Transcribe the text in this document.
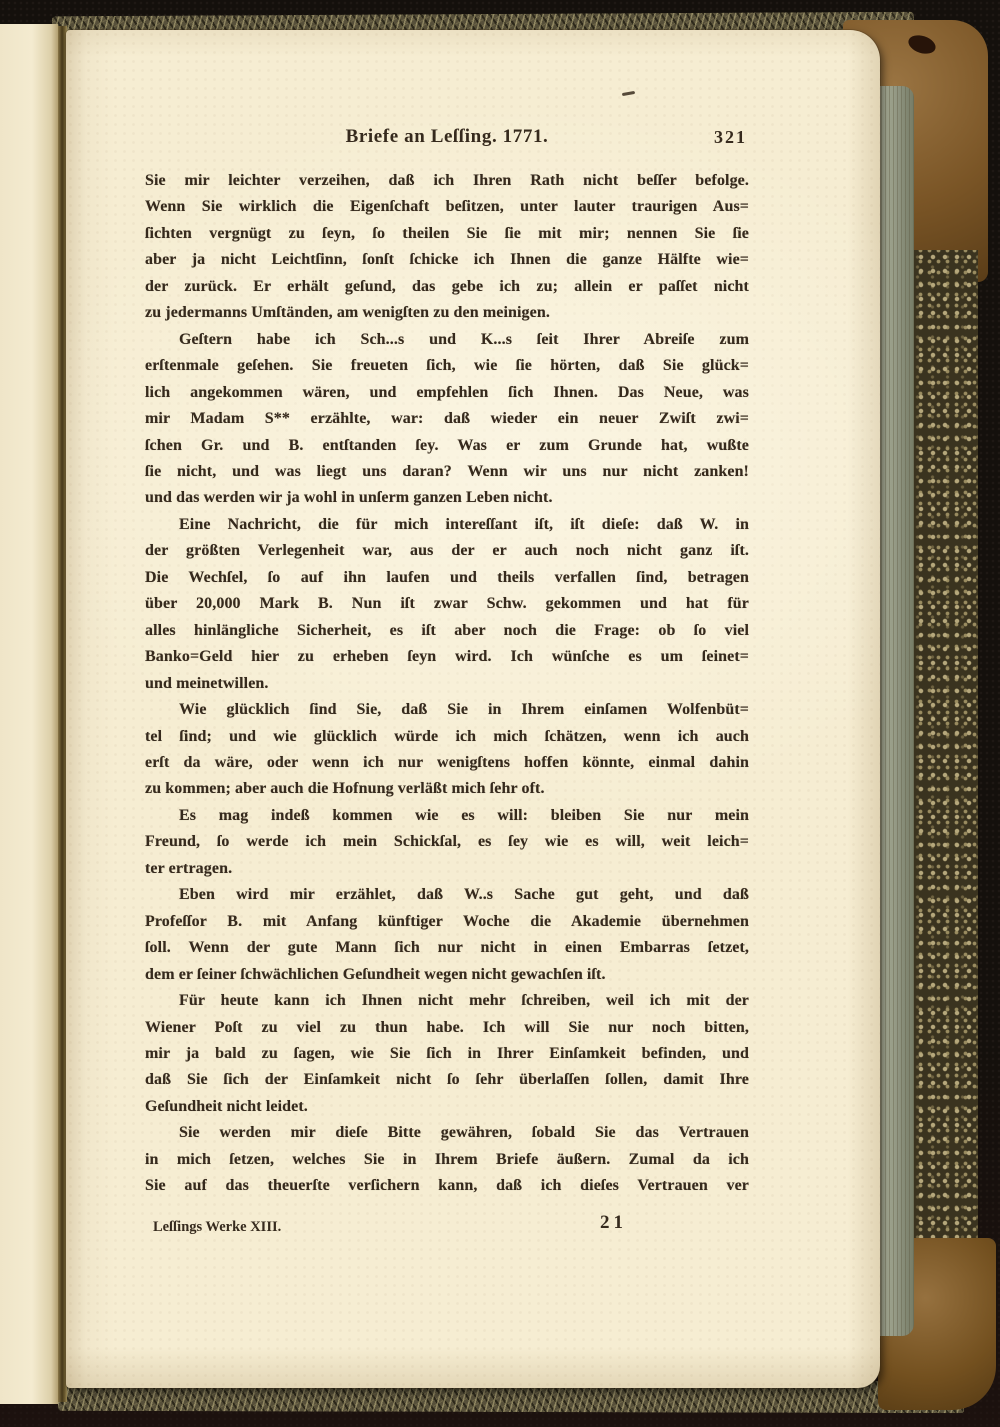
Briefe an Leſſing. 1771.	321

Sie mir leichter verzeihen, daß ich Ihren Rath nicht beſſer befolge.
Wenn Sie wirklich die Eigenſchaft beſitzen, unter lauter traurigen Aus=
ſichten vergnügt zu ſeyn, ſo theilen Sie ſie mit mir; nennen Sie ſie
aber ja nicht Leichtſinn, ſonſt ſchicke ich Ihnen die ganze Hälfte wie=
der zurück. Er erhält geſund, das gebe ich zu; allein er paſſet nicht
zu jedermanns Umſtänden, am wenigſten zu den meinigen.

Geſtern habe ich Sch...s und K...s ſeit Ihrer Abreiſe zum
erſtenmale geſehen. Sie freueten ſich, wie ſie hörten, daß Sie glück=
lich angekommen wären, und empfehlen ſich Ihnen. Das Neue, was
mir Madam S** erzählte, war: daß wieder ein neuer Zwiſt zwi=
ſchen Gr. und B. entſtanden ſey. Was er zum Grunde hat, wußte
ſie nicht, und was liegt uns daran? Wenn wir uns nur nicht zanken!
und das werden wir ja wohl in unſerm ganzen Leben nicht.

Eine Nachricht, die für mich intereſſant iſt, iſt dieſe: daß W. in
der größten Verlegenheit war, aus der er auch noch nicht ganz iſt.
Die Wechſel, ſo auf ihn laufen und theils verfallen ſind, betragen
über 20,000 Mark B. Nun iſt zwar Schw. gekommen und hat für
alles hinlängliche Sicherheit, es iſt aber noch die Frage: ob ſo viel
Banko=Geld hier zu erheben ſeyn wird. Ich wünſche es um ſeinet=
und meinetwillen.

Wie glücklich ſind Sie, daß Sie in Ihrem einſamen Wolfenbüt=
tel ſind; und wie glücklich würde ich mich ſchätzen, wenn ich auch
erſt da wäre, oder wenn ich nur wenigſtens hoffen könnte, einmal dahin
zu kommen; aber auch die Hofnung verläßt mich ſehr oft.

Es mag indeß kommen wie es will: bleiben Sie nur mein
Freund, ſo werde ich mein Schickſal, es ſey wie es will, weit leich=
ter ertragen.

Eben wird mir erzählet, daß W..s Sache gut geht, und daß
Profeſſor B. mit Anfang künftiger Woche die Akademie übernehmen
ſoll. Wenn der gute Mann ſich nur nicht in einen Embarras ſetzet,
dem er ſeiner ſchwächlichen Geſundheit wegen nicht gewachſen iſt.

Für heute kann ich Ihnen nicht mehr ſchreiben, weil ich mit der
Wiener Poſt zu viel zu thun habe. Ich will Sie nur noch bitten,
mir ja bald zu ſagen, wie Sie ſich in Ihrer Einſamkeit befinden, und
daß Sie ſich der Einſamkeit nicht ſo ſehr überlaſſen ſollen, damit Ihre
Geſundheit nicht leidet.

Sie werden mir dieſe Bitte gewähren, ſobald Sie das Vertrauen
in mich ſetzen, welches Sie in Ihrem Briefe äußern. Zumal da ich
Sie auf das theuerſte verſichern kann, daß ich dieſes Vertrauen ver

Leſſings Werke XIII.	21
